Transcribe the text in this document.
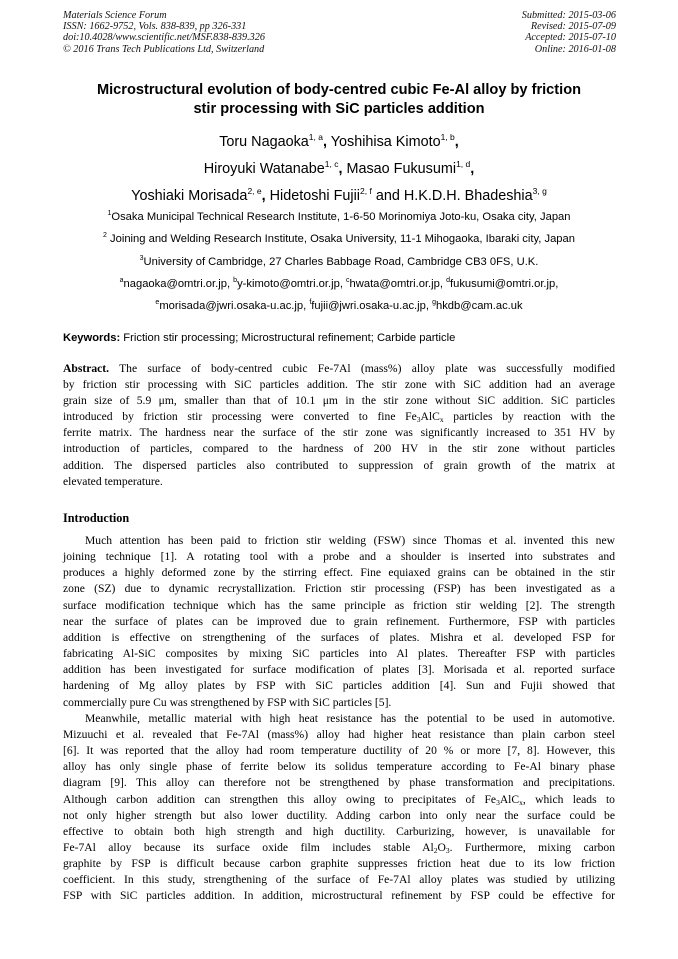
Materials Science Forum
ISSN: 1662-9752, Vols. 838-839, pp 326-331
doi:10.4028/www.scientific.net/MSF.838-839.326
© 2016 Trans Tech Publications Ltd, Switzerland
Submitted: 2015-03-06
Revised: 2015-07-09
Accepted: 2015-07-10
Online: 2016-01-08
Microstructural evolution of body-centred cubic Fe-Al alloy by friction
stir processing with SiC particles addition
Toru Nagaoka$^{1, a}$, Yoshihisa Kimoto$^{1, b}$,
Hiroyuki Watanabe$^{1, c}$, Masao Fukusumi$^{1, d}$,
Yoshiaki Morisada$^{2, e}$, Hidetoshi Fujii$^{2, f}$ and H.K.D.H. Bhadeshia$^{3, g}$
$^1$Osaka Municipal Technical Research Institute, 1-6-50 Morinomiya Joto-ku, Osaka city, Japan
$^2$ Joining and Welding Research Institute, Osaka University, 11-1 Mihogaoka, Ibaraki city, Japan
$^3$University of Cambridge, 27 Charles Babbage Road, Cambridge CB3 0FS, U.K.
$^a$nagaoka@omtri.or.jp, $^b$y-kimoto@omtri.or.jp, $^c$hwata@omtri.or.jp, $^d$fukusumi@omtri.or.jp,
$^e$morisada@jwri.osaka-u.ac.jp, $^f$fujii@jwri.osaka-u.ac.jp, $^g$hkdb@cam.ac.uk
Keywords: Friction stir processing; Microstructural refinement; Carbide particle
Abstract. The surface of body-centred cubic Fe-7Al (mass%) alloy plate was successfully modified
by friction stir processing with SiC particles addition. The stir zone with SiC addition had an average
grain size of 5.9 μm, smaller than that of 10.1 μm in the stir zone without SiC addition. SiC particles
introduced by friction stir processing were converted to fine $Fe_3AlC_x$ particles by reaction with the
ferrite matrix. The hardness near the surface of the stir zone was significantly increased to 351 HV by
introduction of particles, compared to the hardness of 200 HV in the stir zone without particles
addition. The dispersed particles also contributed to suppression of grain growth of the matrix at
elevated temperature.
Introduction
Much attention has been paid to friction stir welding (FSW) since Thomas et al. invented this new
joining technique [1]. A rotating tool with a probe and a shoulder is inserted into substrates and
produces a highly deformed zone by the stirring effect. Fine equiaxed grains can be obtained in the stir
zone (SZ) due to dynamic recrystallization. Friction stir processing (FSP) has been investigated as a
surface modification technique which has the same principle as friction stir welding [2]. The strength
near the surface of plates can be improved due to grain refinement. Furthermore, FSP with particles
addition is effective on strengthening of the surfaces of plates. Mishra et al. developed FSP for
fabricating Al-SiC composites by mixing SiC particles into Al plates. Thereafter FSP with particles
addition has been investigated for surface modification of plates [3]. Morisada et al. reported surface
hardening of Mg alloy plates by FSP with SiC particles addition [4]. Sun and Fujii showed that
commercially pure Cu was strengthened by FSP with SiC particles [5].
Meanwhile, metallic material with high heat resistance has the potential to be used in automotive.
Mizuuchi et al. revealed that Fe-7Al (mass%) alloy had higher heat resistance than plain carbon steel
[6]. It was reported that the alloy had room temperature ductility of 20 % or more [7, 8]. However, this
alloy has only single phase of ferrite below its solidus temperature according to Fe-Al binary phase
diagram [9]. This alloy can therefore not be strengthened by phase transformation and precipitations.
Although carbon addition can strengthen this alloy owing to precipitates of $Fe_3AlC_x$, which leads to
not only higher strength but also lower ductility. Adding carbon into only near the surface could be
effective to obtain both high strength and high ductility. Carburizing, however, is unavailable for
Fe-7Al alloy because its surface oxide film includes stable $Al_2O_3$. Furthermore, mixing carbon
graphite by FSP is difficult because carbon graphite suppresses friction heat due to its low friction
coefficient. In this study, strengthening of the surface of Fe-7Al alloy plates was studied by utilizing
FSP with SiC particles addition. In addition, microstructural refinement by FSP could be effective for
